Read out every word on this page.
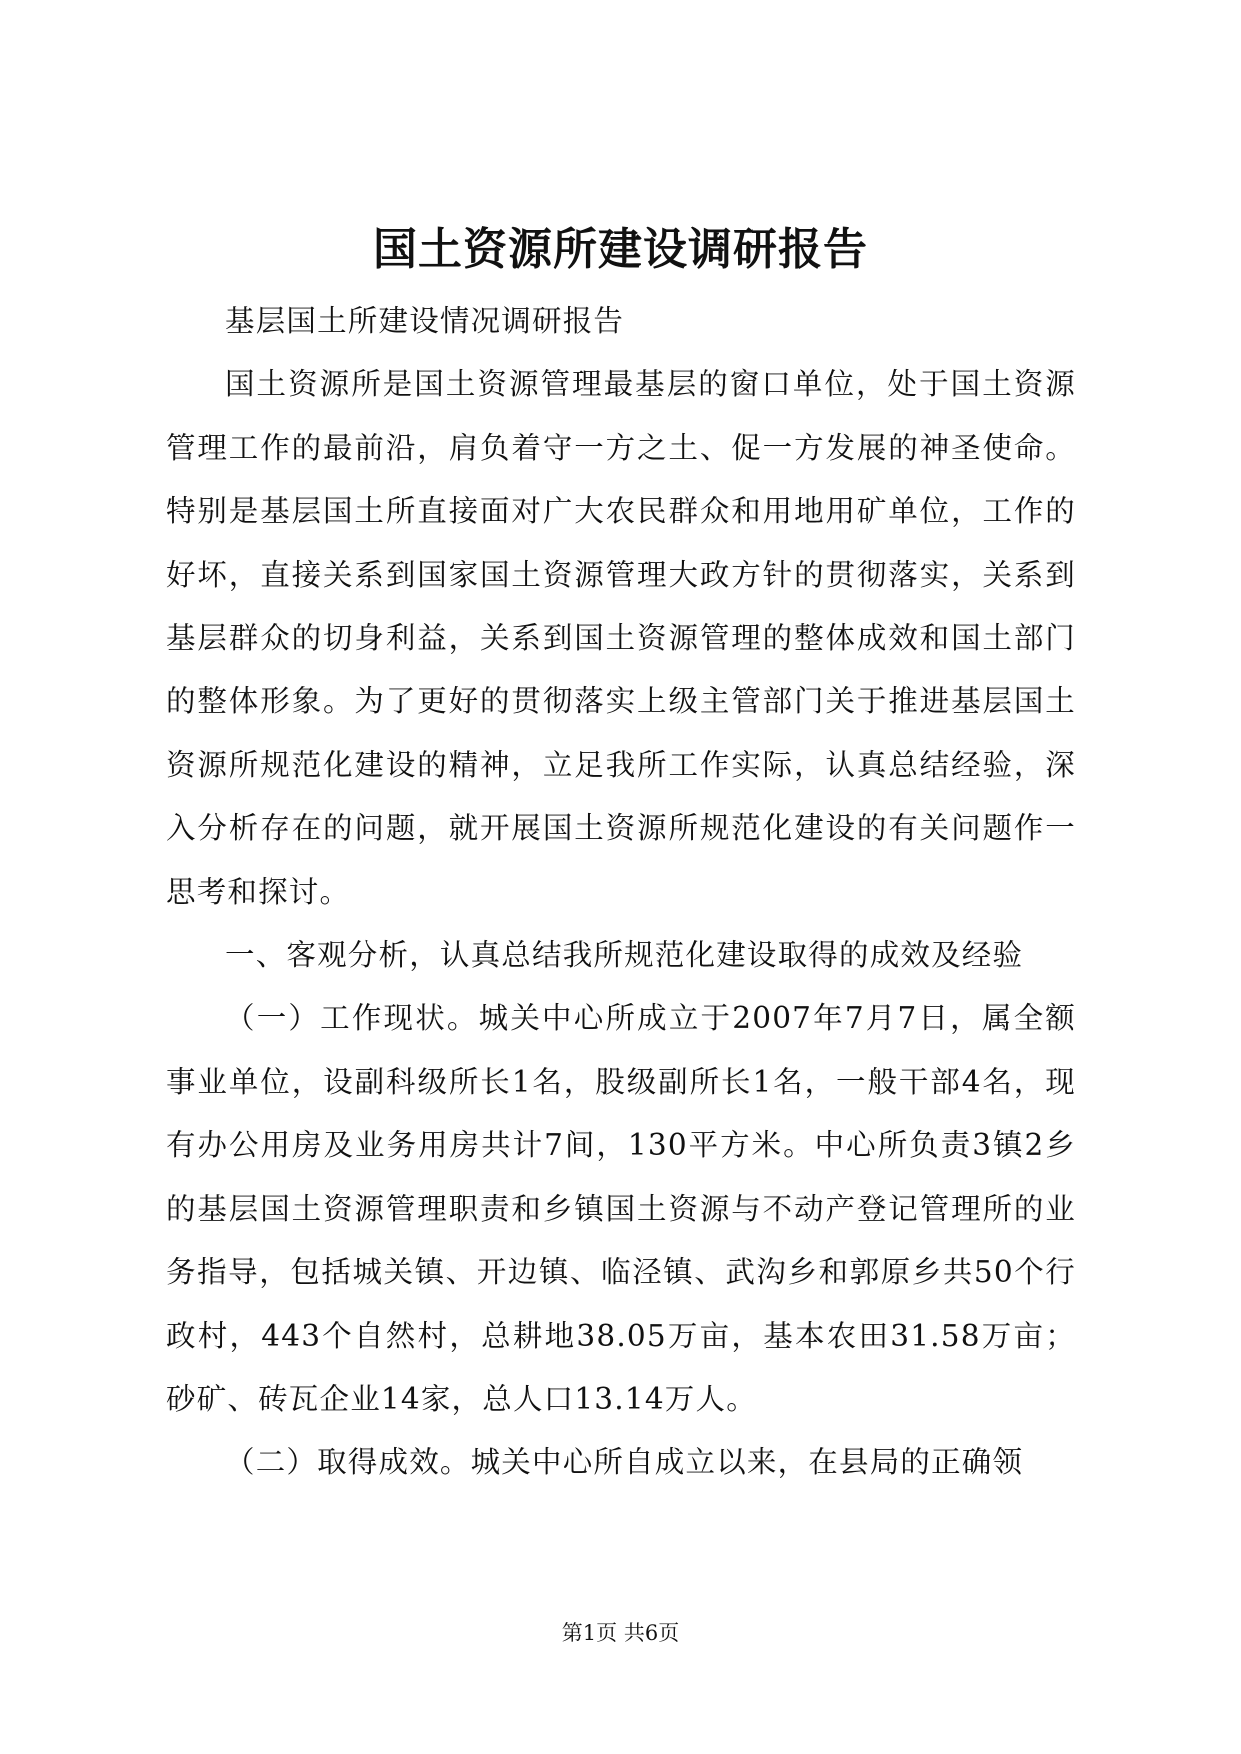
国土资源所建设调研报告

基层国土所建设情况调研报告

国土资源所是国土资源管理最基层的窗口单位，处于国土资源管理工作的最前沿，肩负着守一方之土、促一方发展的神圣使命。特别是基层国土所直接面对广大农民群众和用地用矿单位，工作的好坏，直接关系到国家国土资源管理大政方针的贯彻落实，关系到基层群众的切身利益，关系到国土资源管理的整体成效和国土部门的整体形象。为了更好的贯彻落实上级主管部门关于推进基层国土资源所规范化建设的精神，立足我所工作实际，认真总结经验，深入分析存在的问题，就开展国土资源所规范化建设的有关问题作一思考和探讨。

一、客观分析，认真总结我所规范化建设取得的成效及经验

（一）工作现状。城关中心所成立于2007年7月7日，属全额事业单位，设副科级所长1名，股级副所长1名，一般干部4名，现有办公用房及业务用房共计7间，130平方米。中心所负责3镇2乡的基层国土资源管理职责和乡镇国土资源与不动产登记管理所的业务指导，包括城关镇、开边镇、临泾镇、武沟乡和郭原乡共50个行政村，443个自然村，总耕地38.05万亩，基本农田31.58万亩；砂矿、砖瓦企业14家，总人口13.14万人。

（二）取得成效。城关中心所自成立以来，在县局的正确领

第1页 共6页
